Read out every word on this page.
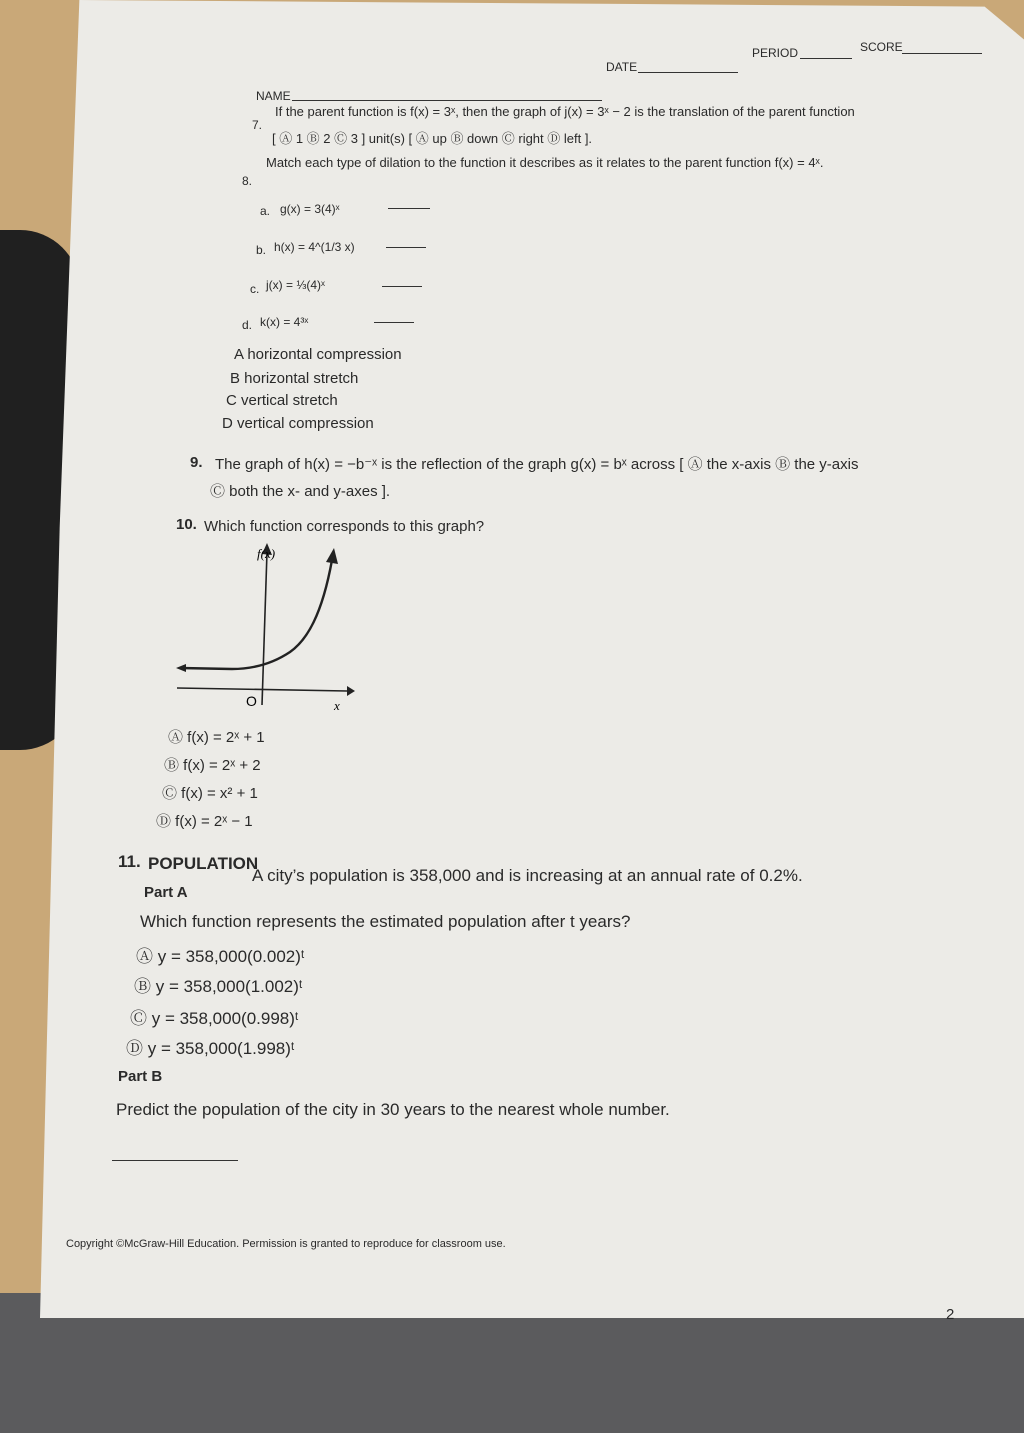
NAME
DATE
PERIOD	SCORE
7.
If the parent function is f(x) = 3ˣ, then the graph of j(x) = 3ˣ − 2 is the translation of the parent function
[ Ⓐ 1 Ⓑ 2 Ⓒ 3 ] unit(s) [ Ⓐ up Ⓑ down Ⓒ right Ⓓ left ].
8.
Match each type of dilation to the function it describes as it relates to the parent function f(x) = 4ˣ.
a. g(x) = 3(4)ˣ
b. h(x) = 4^(1/3 x)
c. j(x) = ⅓(4)ˣ
d. k(x) = 4³ˣ
A horizontal compression
B horizontal stretch
C vertical stretch
D vertical compression
9. The graph of h(x) = −b⁻ˣ is the reflection of the graph g(x) = bˣ across [ Ⓐ the x-axis Ⓑ the y-axis
Ⓒ both the x- and y-axes ].
10. Which function corresponds to this graph?
f(x)
O	x
Ⓐ f(x) = 2ˣ + 1
Ⓑ f(x) = 2ˣ + 2
Ⓒ f(x) = x² + 1
Ⓓ f(x) = 2ˣ − 1
11. POPULATION
A city’s population is 358,000 and is increasing at an annual rate of 0.2%.
Part A
Which function represents the estimated population after t years?
Ⓐ y = 358,000(0.002)ᵗ
Ⓑ y = 358,000(1.002)ᵗ
Ⓒ y = 358,000(0.998)ᵗ
Ⓓ y = 358,000(1.998)ᵗ
Part B
Predict the population of the city in 30 years to the nearest whole number.
Copyright ©McGraw-Hill Education. Permission is granted to reproduce for classroom use.
2
